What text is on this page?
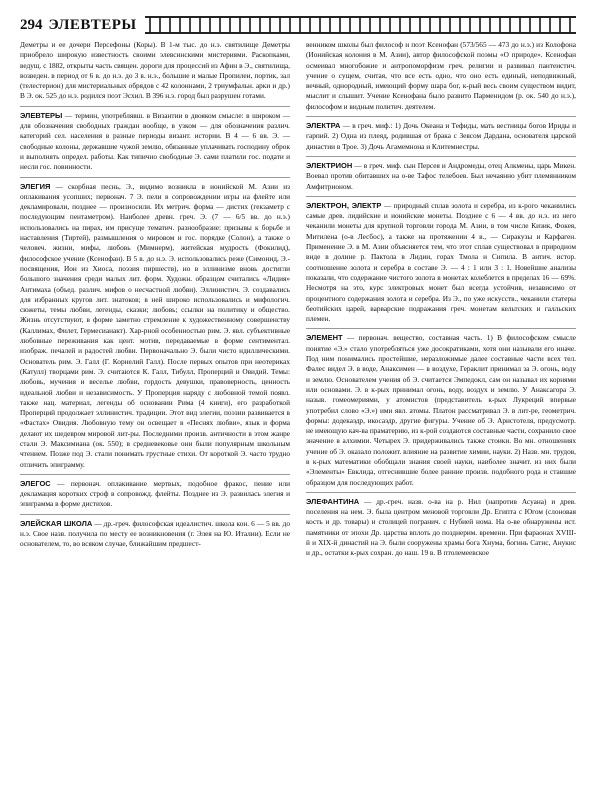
294 ЭЛЕВТЕРЫ

Деметры и ее дочери Персефоны (Коры). В 1-м тыс. до н.э. святилище Деметры приобрело широкую известность своими элевсинскими мистериями. Раскопками, ведущ. с 1882, открыты часть священ. дороги для процессий из Афин в Э., святилища, возведен. в период от 6 в. до н.э. до 3 в. н.э., большие и малые Пропилеи, портик, зал (телестерион) для мистериальных обрядов с 42 колоннами, 2 триумфальн. арки и др.) В Э. ок. 525 до н.э. родился поэт Эсхил. В 396 н.э. город был разрушен готами.

ЭЛЕВТЕРЫ — термин, употреблявш. в Византии в двояком смысле: в широком — для обозначения свободных граждан вообще, в узком — для обозначения различ. категорий сел. населения в разные периоды визант. истории. В 4 — 6 вв. Э. — свободные колоны, державшие чужой землю, обязанные уплачивать господину оброк и выполнять определ. работы. Как типично свободные Э. сами платили гос. подати и несли гос. повинности.

ЭЛЕГИЯ — скорбная песнь, Э., видимо возникла в ионийской М. Азии из оплакивания усопших; первонач. 7 Э. пели в сопровождении игры на флейте или декламировали, позднее — произносили. Их метрич. форма — дистих (гекзаметр с последующим пентаметром). Наиболее древн. греч. Э. (7 — 6/5 вв. до н.э.) использовались на пирах, им присуще тематич. разнообразие: призывы к борьбе и наставления (Тиртей), размышления о мировом и гос. порядке (Солон), а также о человеч. жизни, мифы, любовь (Мимнерм), житейская мудрость (Фокилид), философское учение (Ксенофан). В 5 в. до н.э. Э. использовались реже (Симонид, Э.-посвящения, Ион из Хиоса, поэзия пиршеств), но в эллинизме вновь достигли большого значения среди малых лит. форм. Художн. образцом считались «Лидия» Антимаха (объед. различ. мифов о несчастной любви). Эллинистич. Э. создавались для избранных кругов лит. знатоков; в ней широко использовались и мифологич. сюжеты, темы любви, легенды, сказки; любовь; ссылки на политику и общество. Жизнь отсутствуют, в форме заметно стремление к художественному совершенству (Каллимах, Филет, Гермесианакт). Хар-рной особенностью рим. Э. явл. субъективные любовные переживания как цент. мотив, передаваемые в форме сентиментал. изображ. печалей и радостей любви. Первоначально Э. были чисто идиллическими. Основатель рим. Э. Галл (Г. Корнелий Галл). После первых опытов при неотериках (Катулл) творцами рим. Э. считаются К. Галл, Тибулл, Проперций и Овидий. Темы: любовь, мучения и веселье любви, гордость девушки, правоверность, ценность идеальной любви и независимость. У Проперция наряду с любовной темой появл. также нац. материал, легенды об основании Рима (4 книги), его разработкой Проперций продолжает эллинистич. традиции. Этот вид элегии, поэзии развивается в «Фастах» Овидия. Любовную тему он освещает в «Песнях любви», язык и форма делают их шедевром мировой лит-ры. Последними произв. античности в этом жанре стали Э. Максимиана (ок. 550); в средневековье они были популярным школьным чтением. Позже под Э. стали понимать грустные стихи. От короткой Э. часто трудно отличить эпиграмму.

ЭЛЕГОС — первонач. оплакивание мертвых, подобное фракос, пение или декламация коротких строф в сопровожд. флейты. Позднее из Э. развилась элегия и эпиграмма в форме дистихов.

ЭЛЕЙСКАЯ ШКОЛА — др.-греч. философская идеалистич. школа кон. 6 — 5 вв. до н.э. Свое назв. получила по месту ее возникновения (г. Элея на Ю. Италии). Если не основателем, то, во всяком случае, ближайшим предшест-

венником школы был философ и поэт Ксенофан (573/565 — 473 до н.э.) из Колофона (Ионийская колония в М. Азии), автор философской поэмы «О природе». Ксенофан осмеивал многобожие и антропоморфизм греч. религии и развивал пантеистич. учение о сущем, считая, что все есть одно, что оно есть единый, неподвижный, вечный, однородный, имеющий форму шара бог, к-рый весь своим существом видит, мыслит и слышит. Учение Ксенофана было развито Парменидом (р. ок. 540 до н.э.), философом и видным политич. деятелем.

ЭЛЕКТРА — в греч. миф.: 1) Дочь Океана и Тефиды, мать вестницы богов Ириды и гарпий. 2) Одна из плеяд, родившая от брака с Зевсом Дардана, основателя царской династии в Трое. 3) Дочь Агамемнона и Клитемнестры.

ЭЛЕКТРИОН — в греч. миф. сын Персея и Андромеды, отец Алкмены, царь Микен. Воевал против обитавших на о-ве Тафос телебоев. Был нечаянно убит племянником Амфитрионом.

ЭЛЕКТРОН, ЭЛЕКТР — природный сплав золота и серебра, из к-рого чеканились самые древ. лидийские и ионийские монеты. Позднее с 6 — 4 вв. до н.э. из него чеканили монеты для крупной торговли города М. Азии, в том числе Кизик, Фокея, Митилена (о-в Лесбос), а также на протяжении 4 в., — Сиракузы и Карфаген. Применение Э. в М. Азии объясняется тем, что этот сплав существовал в природном виде в долине р. Пактола в Лидии, горах Тмола и Сипила. В антич. истор. соотношение золота и серебра в составе Э. — 4 : 1 или 3 : 1. Новейшие анализы показали, что содержание чистого золота в монетах колеблется в пределах 16 — 69%. Несмотря на это, курс электровых монет был всегда устойчив, независимо от процентного содержания золота и серебра. Из Э., по уже искусств., чеканили статеры беотийских царей, варварские подражания греч. монетам кельтских и галльских племен.

ЭЛЕМЕНТ — первонач. вещество, составная часть. 1) В философском смысле понятие «Э.» стало употребляться уже досократиками, хотя они называли его иначе. Под ним понимались простейшие, неразложимые далее составные части всех тел. Фалес видел Э. в воде, Анаксимен — в воздухе, Гераклит принимал за Э. огонь, воду и землю. Основателем учения об Э. считается Эмпедокл, сам он называл их корнями или основами. Э. в к-рых принимал огонь, воду, воздух и землю. У Анаксагора Э. назыв. гомеомериями, у атомистов (представитель к-рых Лукреций впервые употребил слово «Э.») ими явл. атомы. Платон рассматривал Э. в лит-ре, геометрич. формы: додекаэдр, икосаэдр, другие фигуры. Учение об Э. Аристотеля, предусмотр. не имеющую кач-ва праматерию, из к-рой создаются составные части, сохранило свое значение в алхимии. Четырех Э. придерживались также стоики. Во мн. отношениях учение об Э. оказало положит. влияние на развитие химии, науки. 2) Назв. мн. трудов, в к-рых математики обобщали знания своей науки, наиболее значит. из них были «Элементы» Евклида, отгеснившие более ранние произв. подобного рода и ставшие образцом для последующих работ.

ЭЛЕФАНТИНА — др.-греч. назв. о-ва на р. Нил (напротив Асуана) и древ. поселения на нем. Э. была центром меновой торговли Др. Египта с Югом (слоновая кость и др. товары) и столицей погранич. с Нубией нома. На о-ве обнаружены ист. памятники от эпохи Др. царства вплоть до позднерим. времени. При фараонах XVIII-й и XIX-й династий на Э. были сооружены храмы бога Хнума, богинь Сатис, Анукис и др., остатки к-рых сохран. до наш. 19 в. В птолемеевское
